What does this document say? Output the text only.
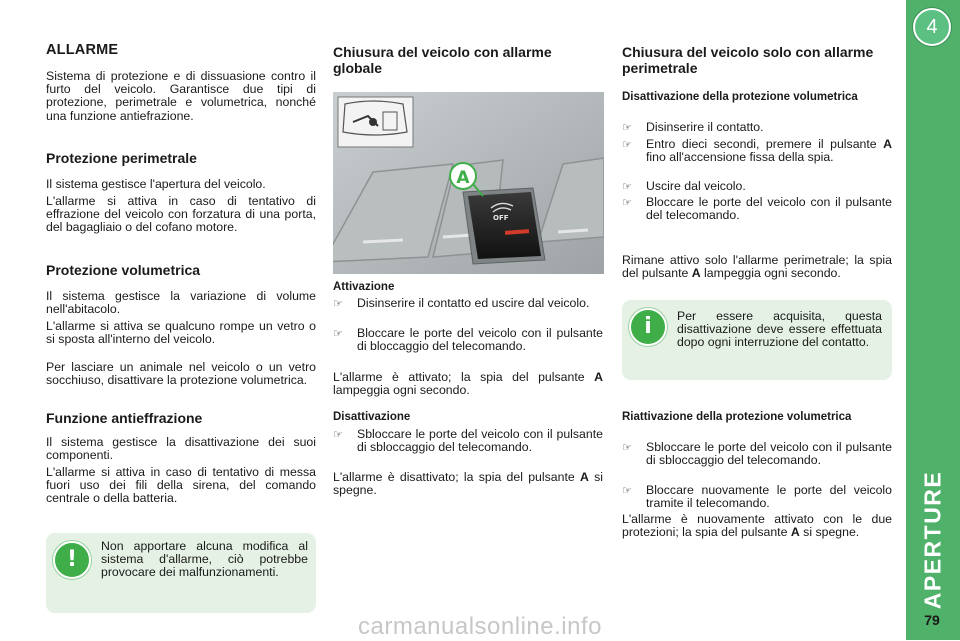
ALLARME

Sistema di protezione e di dissuasione contro il furto del veicolo. Garantisce due tipi di protezione, perimetrale e volumetrica, nonché una funzione antiefrazione.

Protezione perimetrale

Il sistema gestisce l'apertura del veicolo.

L'allarme si attiva in caso di tentativo di effrazione del veicolo con forzatura di una porta, del bagagliaio o del cofano motore.

Protezione volumetrica

Il sistema gestisce la variazione di volume nell'abitacolo.

L'allarme si attiva se qualcuno rompe un vetro o si sposta all'interno del veicolo.

Per lasciare un animale nel veicolo o un vetro socchiuso, disattivare la protezione volumetrica.

Funzione antieffrazione

Il sistema gestisce la disattivazione dei suoi componenti.

L'allarme si attiva in caso di tentativo di messa fuori uso dei fili della sirena, del comando centrale o della batteria.

!
Non apportare alcuna modifica al sistema d'allarme, ciò potrebbe provocare dei malfunzionamenti.
Chiusura del veicolo con allarme globale
Attivazione
☞ Disinserire il contatto ed uscire dal veicolo.
☞ Bloccare le porte del veicolo con il pulsante di bloccaggio del telecomando.

L'allarme è attivato; la spia del pulsante A lampeggia ogni secondo.

Disattivazione
☞ Sbloccare le porte del veicolo con il pulsante di sbloccaggio del telecomando.

L'allarme è disattivato; la spia del pulsante A si spegne.

OFF
A
Chiusura del veicolo solo con allarme perimetrale
Disattivazione della protezione volumetrica
☞ Disinserire il contatto.
☞ Entro dieci secondi, premere il pulsante A fino all'accensione fissa della spia.
☞ Uscire dal veicolo.
☞ Bloccare le porte del veicolo con il pulsante del telecomando.

Rimane attivo solo l'allarme perimetrale; la spia del pulsante A lampeggia ogni secondo.

Riattivazione della protezione volumetrica
☞ Sbloccare le porte del veicolo con il pulsante di sbloccaggio del telecomando.
☞ Bloccare nuovamente le porte del veicolo tramite il telecomando.

L'allarme è nuovamente attivato con le due protezioni; la spia del pulsante A si spegne.

i	Per essere acquisita, questa disattivazione deve essere effettuata dopo ogni interruzione del contatto.
4
APERTURE
79
carmanualsonline.info
